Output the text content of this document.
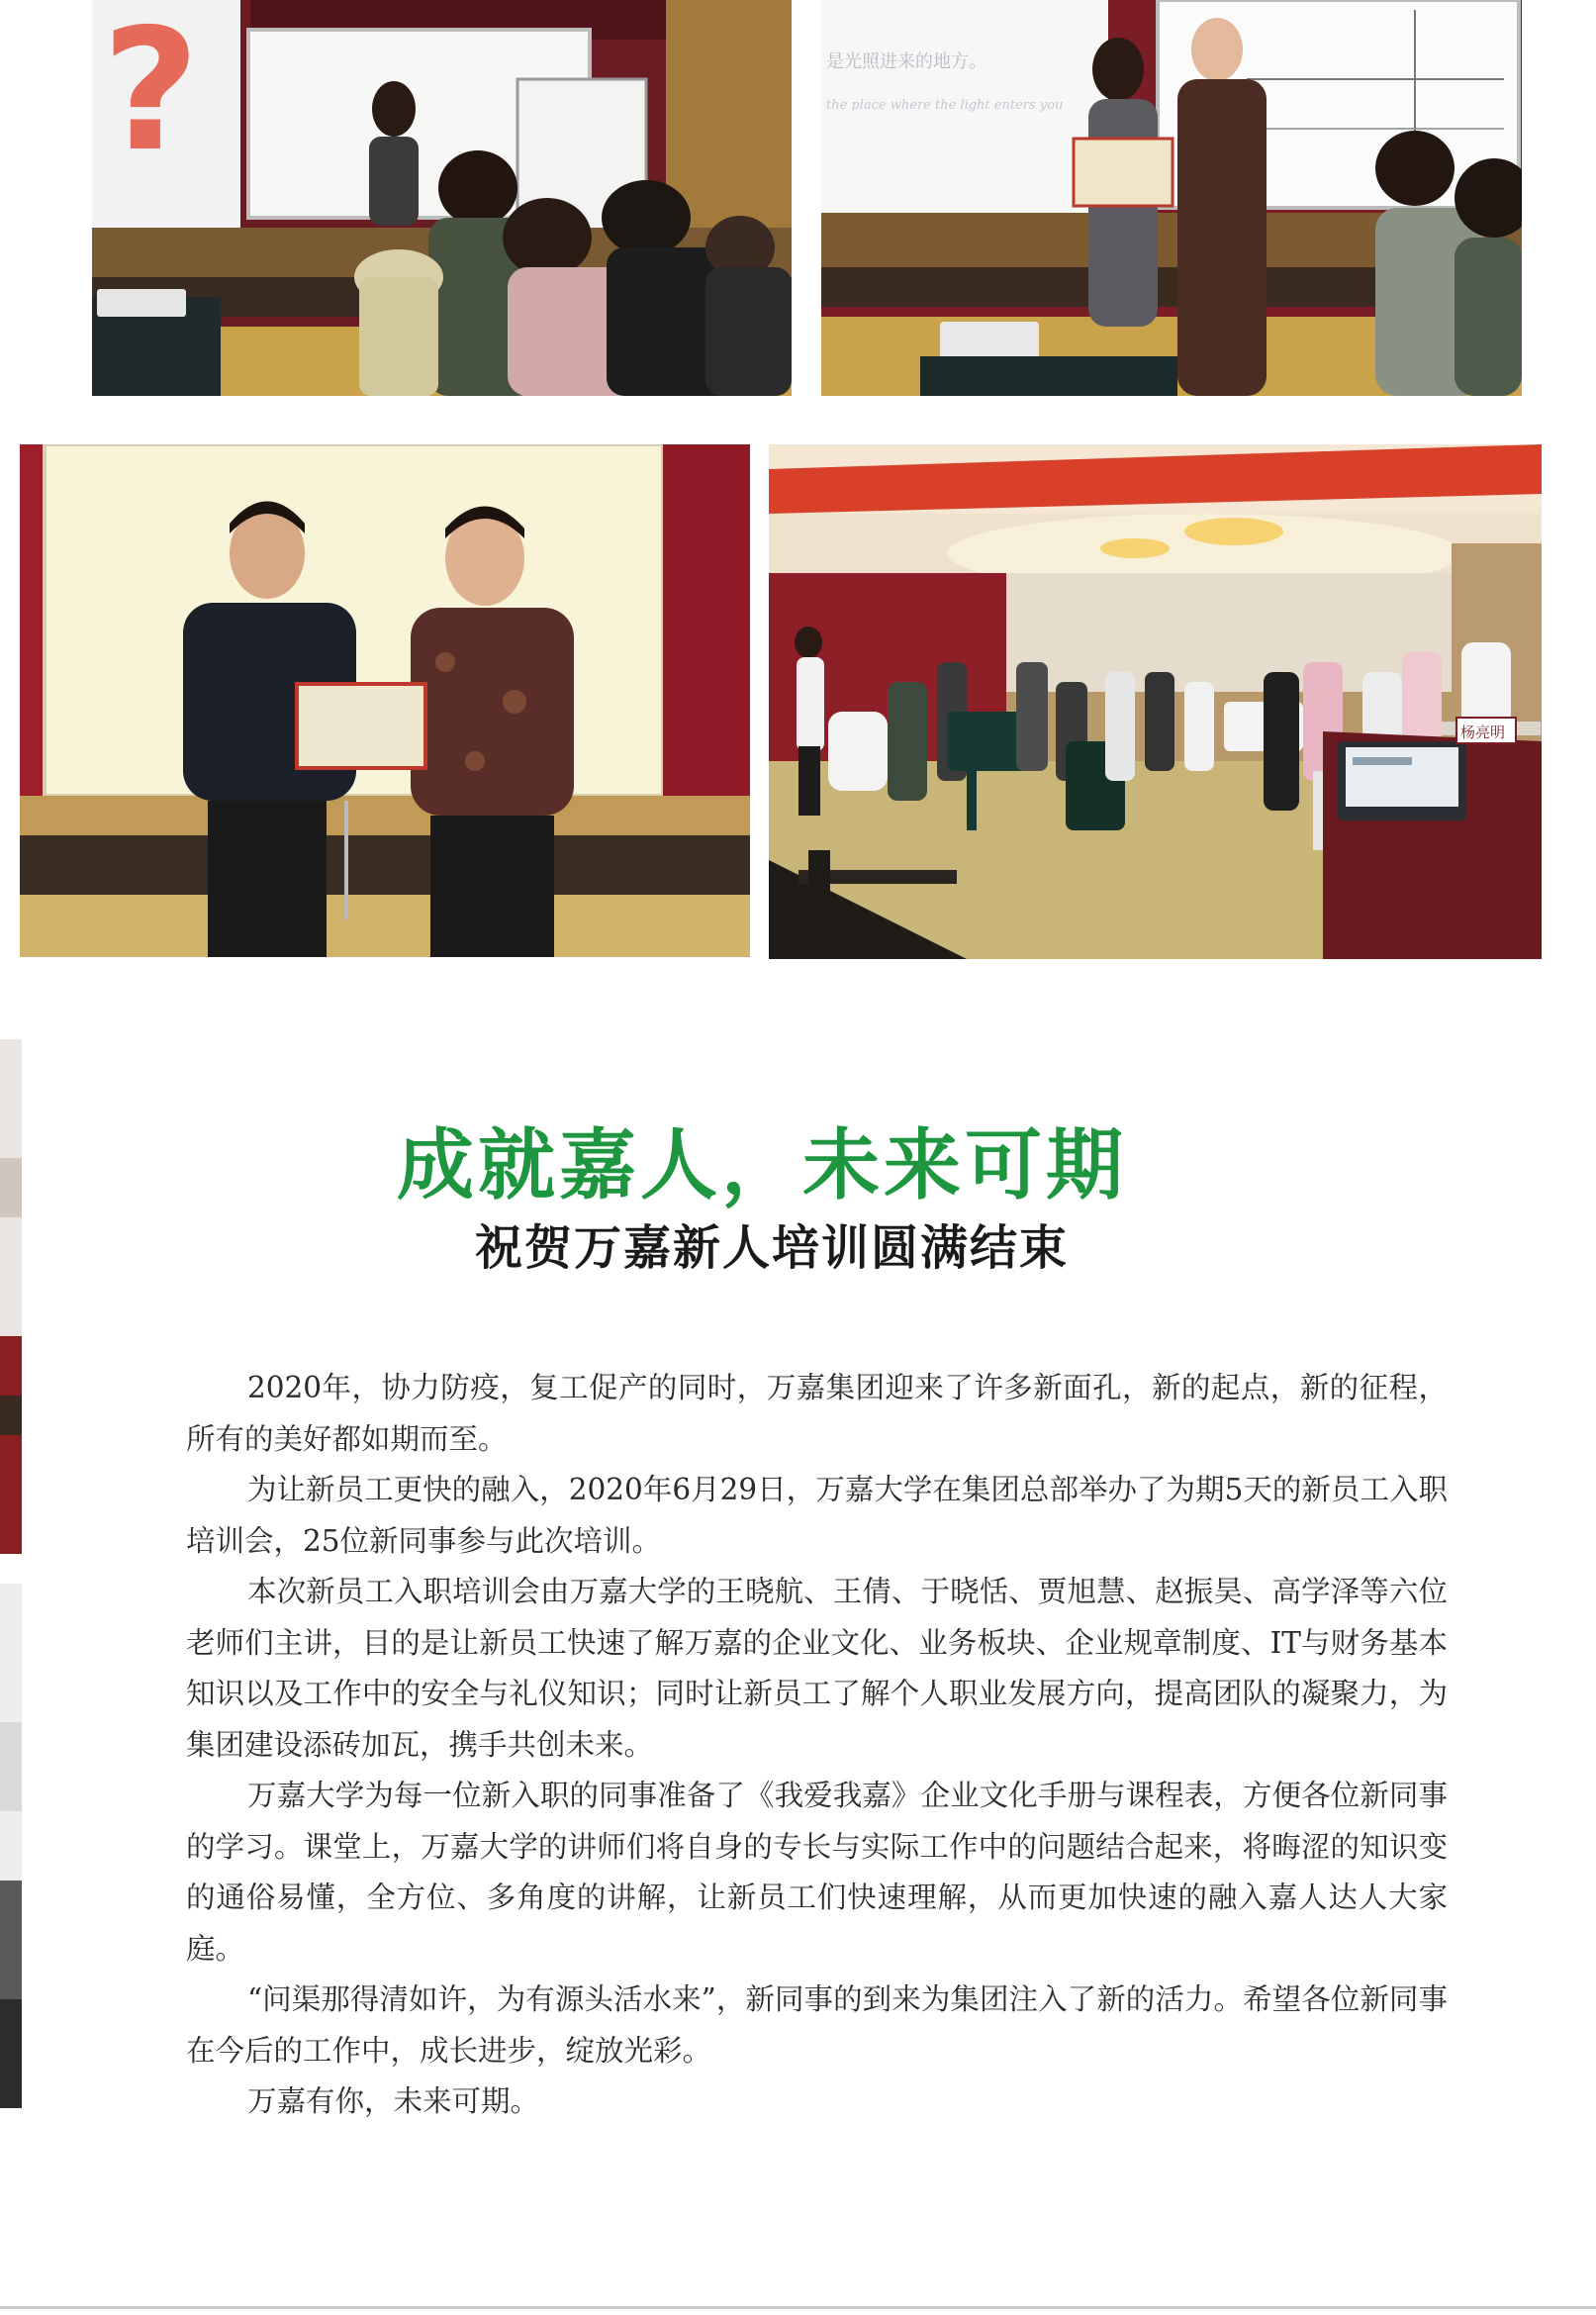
?	是光照进来的地方。
the place where the light enters you
杨亮明
成就嘉人，未来可期
祝贺万嘉新人培训圆满结束

2020年，协力防疫，复工促产的同时，万嘉集团迎来了许多新面孔，新的起点，新的征程，所有的美好都如期而至。

为让新员工更快的融入，2020年6月29日，万嘉大学在集团总部举办了为期5天的新员工入职培训会，25位新同事参与此次培训。

本次新员工入职培训会由万嘉大学的王晓航、王倩、于晓恬、贾旭慧、赵振昊、高学泽等六位老师们主讲，目的是让新员工快速了解万嘉的企业文化、业务板块、企业规章制度、IT与财务基本知识以及工作中的安全与礼仪知识；同时让新员工了解个人职业发展方向，提高团队的凝聚力，为集团建设添砖加瓦，携手共创未来。

万嘉大学为每一位新入职的同事准备了《我爱我嘉》企业文化手册与课程表，方便各位新同事的学习。课堂上，万嘉大学的讲师们将自身的专长与实际工作中的问题结合起来，将晦涩的知识变的通俗易懂，全方位、多角度的讲解，让新员工们快速理解，从而更加快速的融入嘉人达人大家庭。

“问渠那得清如许，为有源头活水来”，新同事的到来为集团注入了新的活力。希望各位新同事在今后的工作中，成长进步，绽放光彩。

万嘉有你，未来可期。
